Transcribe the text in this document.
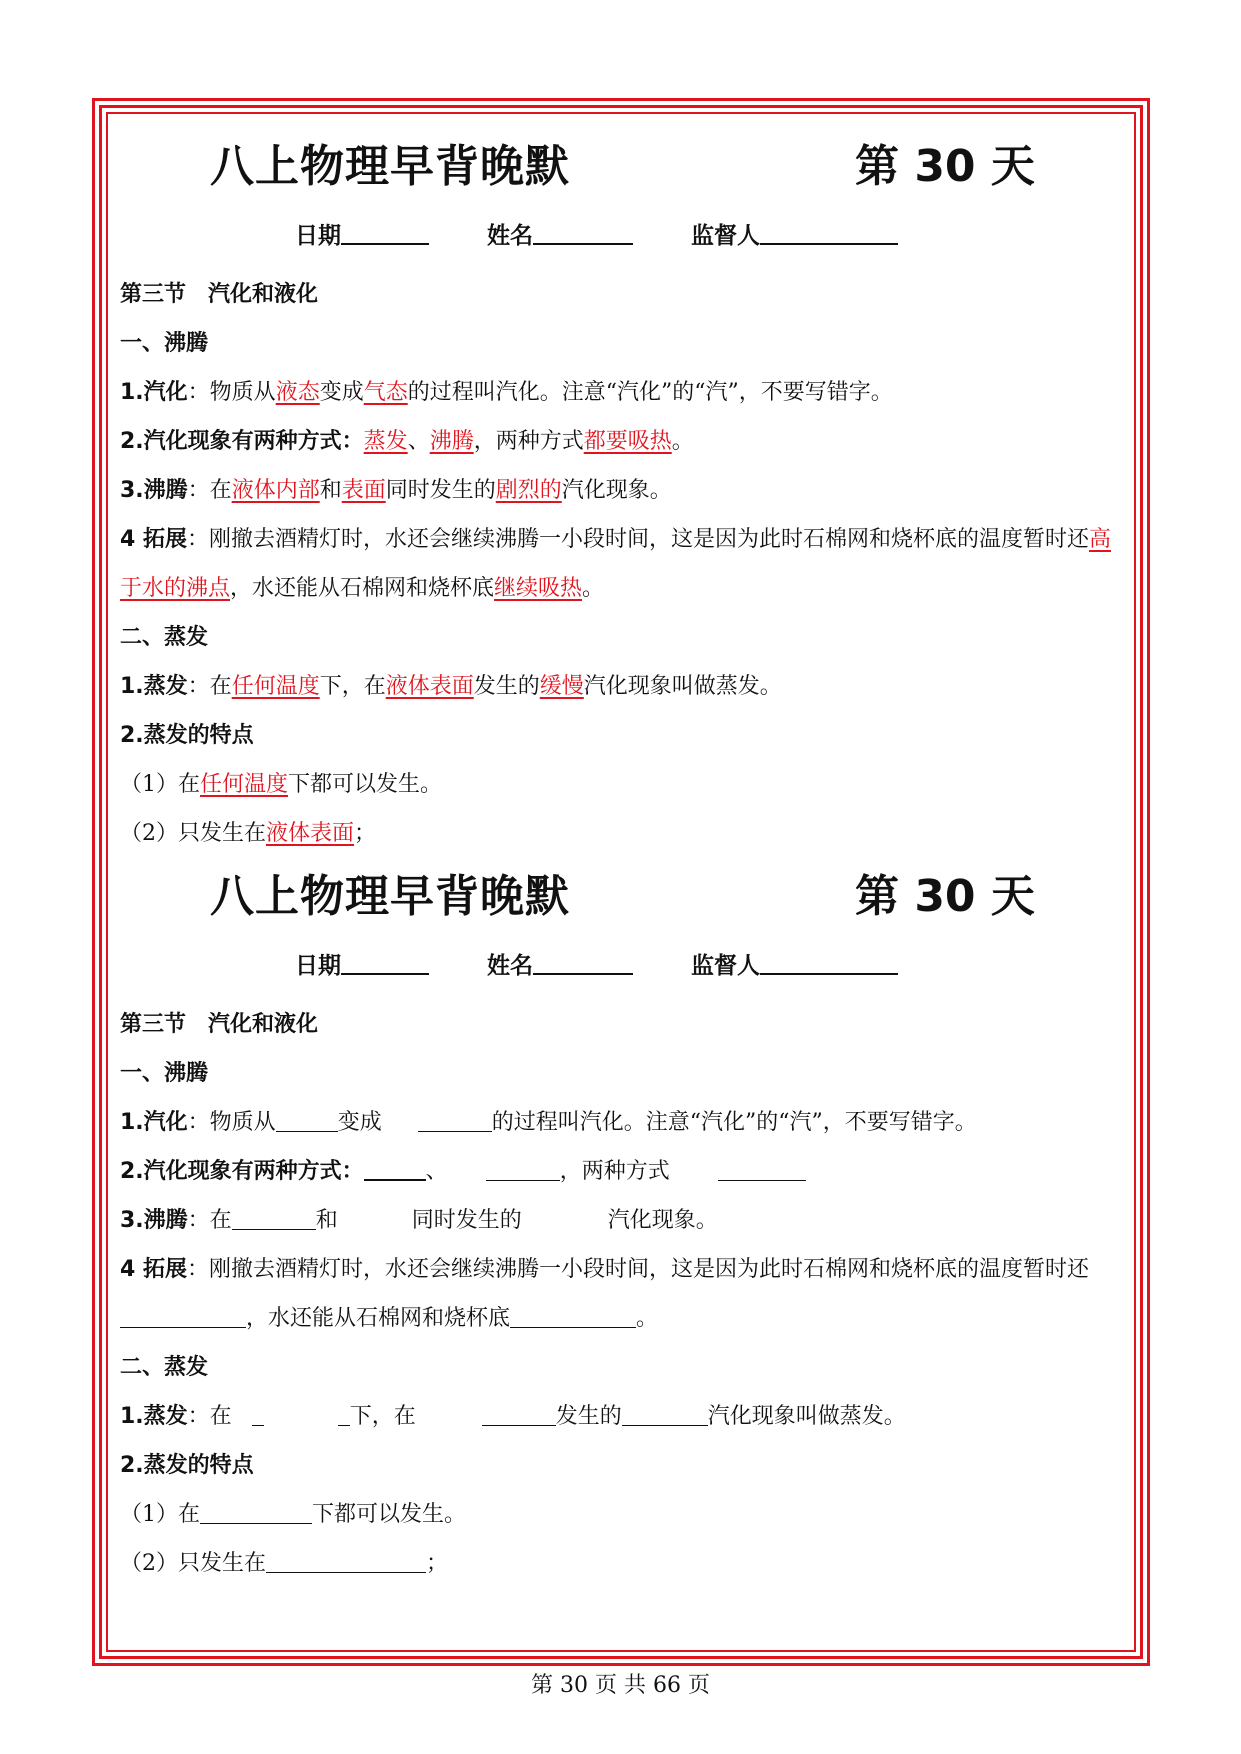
八上物理早背晚默	第 30 天
日期	姓名	监督人
第三节　汽化和液化
一、沸腾
1.汽化：物质从液态变成气态的过程叫汽化。注意“汽化”的“汽”，不要写错字。
2.汽化现象有两种方式：蒸发、沸腾，两种方式都要吸热。
3.沸腾：在液体内部和表面同时发生的剧烈的汽化现象。
4 拓展：刚撤去酒精灯时，水还会继续沸腾一小段时间，这是因为此时石棉网和烧杯底的温度暂时还高于水的沸点，水还能从石棉网和烧杯底继续吸热。
二、蒸发
1.蒸发：在任何温度下，在液体表面发生的缓慢汽化现象叫做蒸发。
2.蒸发的特点
（1）在任何温度下都可以发生。
（2）只发生在液体表面；
八上物理早背晚默	第 30 天
日期	姓名	监督人
第三节　汽化和液化
一、沸腾
1.汽化：物质从	变成	的过程叫汽化。注意“汽化”的“汽”，不要写错字。
2.汽化现象有两种方式：	、	，两种方式
3.沸腾：在	和	同时发生的	汽化现象。
4 拓展：刚撤去酒精灯时，水还会继续沸腾一小段时间，这是因为此时石棉网和烧杯底的温度暂时还，水还能从石棉网和烧杯底	。
二、蒸发
1.蒸发：在	下，在	发生的	汽化现象叫做蒸发。
2.蒸发的特点
（1）在	下都可以发生。
（2）只发生在	；
第 30 页 共 66 页
